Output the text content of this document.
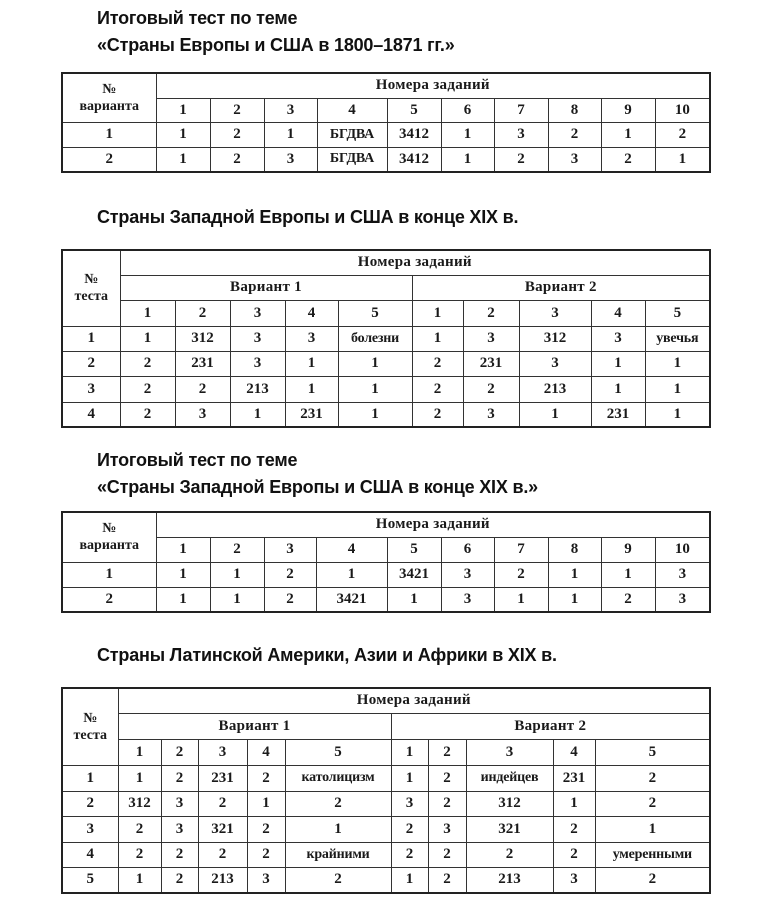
Итоговый тест по теме
«Страны Европы и США в 1800–1871 гг.»
№
варианта	Номера заданий									
	1	2	3	4	5	6	7	8	9	10
1	1	2	1	БГДВА	3412	1	3	2	1	2
2	1	2	3	БГДВА	3412	1	2	3	2	1
Страны Западной Европы и США в конце XIX в.
№
теста	Номера заданий									
	Вариант 1					Вариант 2				
	1	2	3	4	5	1	2	3	4	5
1	1	312	3	3	болезни	1	3	312	3	увечья
2	2	231	3	1	1	2	231	3	1	1
3	2	2	213	1	1	2	2	213	1	1
4	2	3	1	231	1	2	3	1	231	1
Итоговый тест по теме
«Страны Западной Европы и США в конце XIX в.»
№
варианта	Номера заданий									
	1	2	3	4	5	6	7	8	9	10
1	1	1	2	1	3421	3	2	1	1	3
2	1	1	2	3421	1	3	1	1	2	3
Страны Латинской Америки, Азии и Африки в XIX в.
№
теста	Номера заданий									
	Вариант 1					Вариант 2				
	1	2	3	4	5	1	2	3	4	5
1	1	2	231	2	католицизм	1	2	индейцев	231	2
2	312	3	2	1	2	3	2	312	1	2
3	2	3	321	2	1	2	3	321	2	1
4	2	2	2	2	крайними	2	2	2	2	умеренными
5	1	2	213	3	2	1	2	213	3	2
